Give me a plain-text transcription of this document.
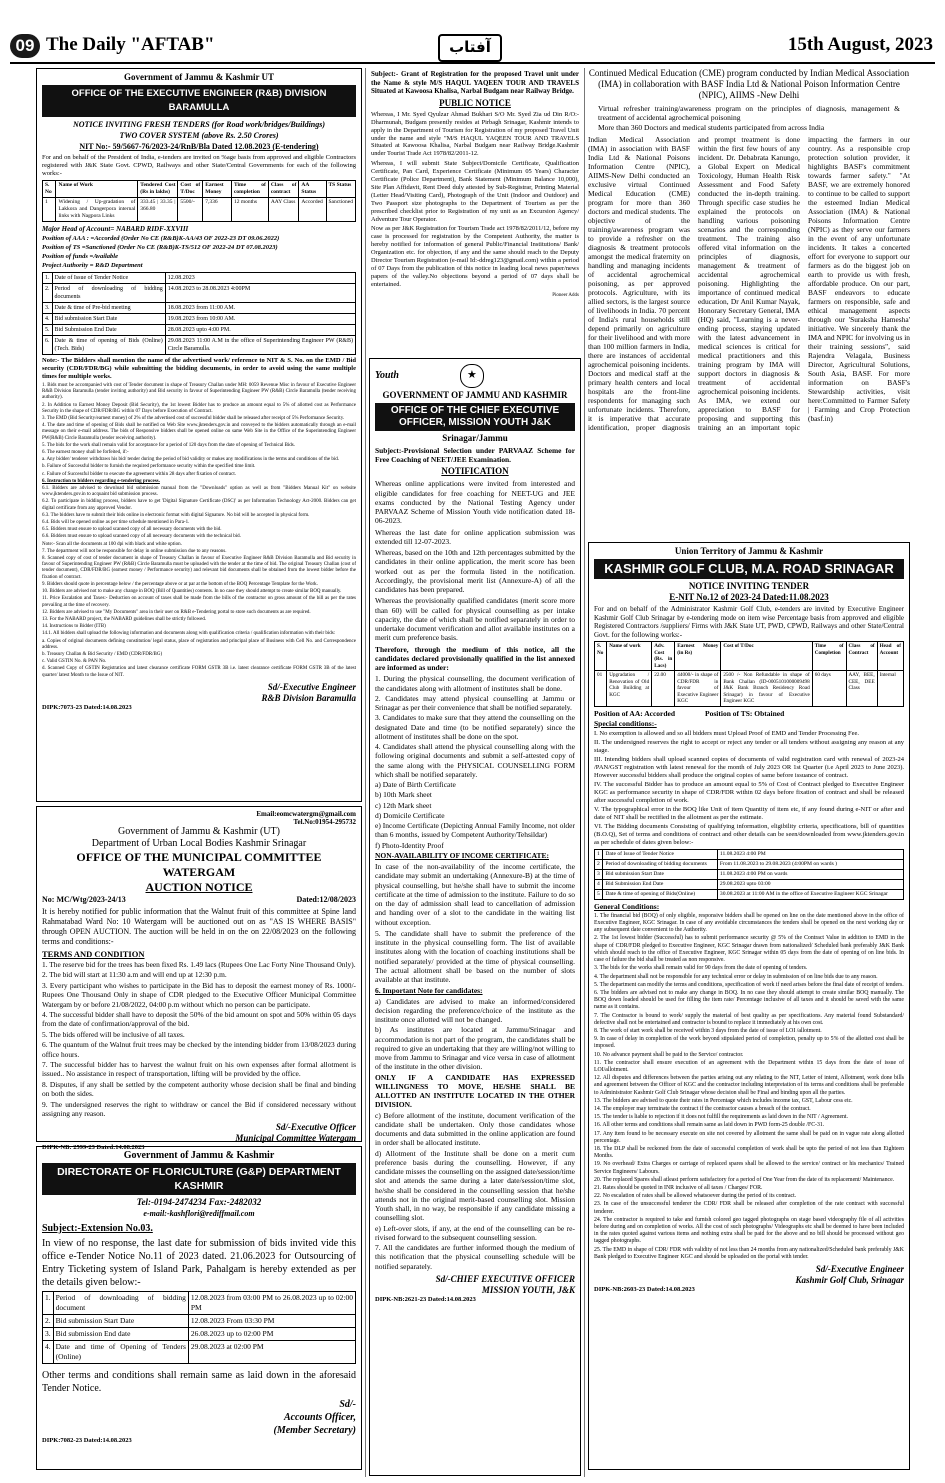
09 The Daily "AFTAB"	آفتاب	15th August, 2023
Government of Jammu & Kashmir UT
OFFICE OF THE EXECUTIVE ENGINEER (R&B) DIVISION BARAMULLA
NOTICE INVITING FRESH TENDERS (for Road work/bridges/Buildings)
TWO COVER SYSTEM (above Rs. 2.50 Crores)
NIT No:- 59/5667-76/2023-24/RnB/Bla Dated 12.08.2023 (E-tendering)

For and on behalf of the President of India, e-tenders are invited on %age basis from approved and eligible Contractors registered with J&K State Govt. CPWD, Railways and other State/Central Governments for each of the following works:-

S. No	Name of Work	Tendered Cost (Rs in lakhs)	Cost of T/Doc	Earnest Money	Time of completion	Class of contract	AA Status	TS Status
1	Widening / Up-gradation of Lakkora and Dangerpora internal links with Nagpora Links	333.45 | 33.35 | 366.80	5500/-	7,336	12 months	AAY Class	Accorded	Sanctioned
Major Head of Account= NABARD RIDF-XXVIII
Position of AAA : =Accorded (Order No CE (R&B)K-AA/43 OF 2022-23 DT 09.06.2022)
Position of TS =Sanctioned (Order No CE (R&B)K-TS/512 OF 2022-24 DT 07.08.2023)
Position of funds =Available
Project Authority = R&D Department
1.	Date of Issue of Tender Notice	12.08.2023
2.	Period of downloading of bidding documents	14.08.2023 to 28.08.2023 4:00PM
3.	Date & time of Pre-bid meeting	18.08.2023 from 11:00 AM.
4.	Bid submission Start Date	19.08.2023 from 10:00 AM.
5.	Bid Submission End Date	28.08.2023 upto 4:00 PM.
6.	Date & time of opening of Bids (Online) (Tech. Bids)	29.08.2023 11:00 A.M in the office of Superintending Engineer PW (R&B) Circle Baramulla.

Note:- The Bidders shall mention the name of the advertised work/ reference to NIT & S. No. on the EMD / Bid security (CDR/FDR/BG) while submitting the bidding documents, in order to avoid using the same multiple times for multiple works.

1. Bids must be accompanied with cost of Tender document in shape of Treasury Challan under MH: 0059 Revenue Misc in favour of Executive Engineer R&B Division Baramulla (tender inviting authority) and Bid security in favour of Superintending Engineer PW (R&B) Circle Baramulla (tender receiving authority).
2. In Addition to Earnest Money Deposit (Bid Security), the 1st lowest Bidder has to produce an amount equal to 5% of allotted cost as Performance Security in the shape of CDR/FDR/BG within 07 Days before Execution of Contract.
3. The EMD (Bid Security/earnest money) of 2% of the advertised cost of successful bidder shall be released after receipt of 5% Performance Security.
4. The date and time of opening of Bids shall be notified on Web Site www.jktenders.gov.in and conveyed to the bidders automatically through an e-mail message on their e-mail address. The bids of Responsive bidders shall be opened online on same Web Site in the Office of the Superintending Engineer PW(R&B) Circle Baramulla (tender receiving authority).
5. The bids for the work shall remain valid for acceptance for a period of 120 days from the date of opening of Technical Bids.
6. The earnest money shall be forfeited, if:-
a. Any bidder/ tenderer withdraws his bid/ tender during the period of bid validity or makes any modifications in the terms and conditions of the bid.
b. Failure of Successful bidder to furnish the required performance security within the specified time limit.
c. Failure of Successful bidder to execute the agreement within 28 days after fixation of contract.
6. Instruction to bidders regarding e-tendering process.
6.1. Bidders are advised to download bid submission manual from the "Downloads" option as well as from "Bidders Manual Kit" on website www.jktenders.gov.in to acquaint bid submission process.
6.2. To participate in bidding process, bidders have to get 'Digital Signature Certificate (DSC)' as per Information Technology Act-2000. Bidders can get digital certificate from any approved Vendor.
6.3. The bidders have to submit their bids online in electronic format with digital Signature. No bid will be accepted in physical form.
6.4. Bids will be opened online as per time schedule mentioned in Para-1.
6.5. Bidders must ensure to upload scanned copy of all necessary documents with the bid.
6.6. Bidders must ensure to upload scanned copy of all necessary documents with the technical bid.
Note:- Scan all the documents at 100 dpi with black and white option.
7. The department will not be responsible for delay in online submission due to any reasons.
8. Scanned copy of cost of tender document in shape of Treasury Challan in favour of Executive Engineer R&B Division Baramulla and Bid security in favour of Superintending Engineer PW (R&B) Circle Baramulla must be uploaded with the tender at the time of bid. The original Treasury Challan (cost of tender document), CDR/FDR/BG (earnest money / Performance security) and relevant bid documents shall be obtained from the lowest bidder before the fixation of contract.
9. Bidders should quote in percentage below / the percentage above or at par at the bottom of the BOQ Percentage Template for the Work.
10. Bidders are advised not to make any change in BOQ (Bill of Quantities) contents. In no case they should attempt to create similar BOQ manually.
11. Price Escalation and Taxes:- Deduction on account of taxes shall be made from the bills of the contractor on gross amount of the bill as per the rates prevailing at the time of recovery.
12. Bidders are advised to use "My Documents" area in their user on R&B e-Tendering portal to store such documents as are required.
13. For the NABARD project, the NABARD guidelines shall be strictly followed.
14. Instructions to Bidder (ITB)
14.1. All bidders shall upload the following information and documents along with qualification criteria / qualification information with their bids:
a. Copies of original documents defining constitution/ legal status, place of registration and principal place of Business with Cell No. and Correspondence address.
b. Treasury Challan & Bid Security / EMD (CDR/FDR/BG)
c. Valid GSTIN No. & PAN No.
d. Scanned Copy of GSTIN Registration and latest clearance certificate FORM GSTR 3B i.e. latest clearance certificate FORM GSTR 3B of the latest quarter/ latest Month to the Issue of NIT.
Sd/-Executive Engineer
R&B Division Baramulla
DIPK:7073-23 Dated:14.08.2023
Email:eomcwatergm@gmail.com
Tel.No:01954-295732
Government of Jammu & Kashmir (UT)
Department of Urban Local Bodies Kashmir Srinagar
OFFICE OF THE MUNICIPAL COMMITTEE WATERGAM
AUCTION NOTICE
No: MC/Wtg/2023-24/13	Dated:12/08/2023

It is hereby notified for public information that the Walnut fruit of this committee at Spine land Rahmatabad Ward No: 10 Watergam will be auctioned out on as "AS IS WHERE BASIS" through OPEN AUCTION. The auction will be held in on the on 22/08/2023 on the following terms and conditions:-

TERMS AND CONDITION
1. The reserve bid for the trees has been fixed Rs. 1.49 lacs (Rupees One Lac Forty Nine Thousand Only).
2. The bid will start at 11:30 a.m and will end up at 12:30 p.m.
3. Every participant who wishes to participate in the Bid has to deposit the earnest money of Rs. 1000/- Rupees One Thousand Only in shape of CDR pledged to the Executive Officer Municipal Committee Watergam by or before 21/08/2022, 04:00 p.m without which no person can be participate.
4. The successful bidder shall have to deposit the 50% of the bid amount on spot and 50% within 05 days from the date of confirmation/approval of the bid.
5. The bids offered will be inclusive of all taxes.
6. The quantum of the Walnut fruit trees may be checked by the intending bidder from 13/08/2023 during office hours.
7. The successful bidder has to harvest the walnut fruit on his own expenses after formal allotment is issued.. No assistance in respect of transportation, lifting will be provided by the office.
8. Disputes, if any shall be settled by the competent authority whose decision shall be final and binding on both the sides.
9. The undersigned reserves the right to withdraw or cancel the Bid if considered necessary without assigning any reason.
Sd/-Executive Officer
Municipal Committee Watergam
DIPK-NB: 2599-23 Dated:14.08.2023
Government of Jammu & Kashmir
DIRECTORATE OF FLORICULTURE (G&P) DEPARTMENT KASHMIR
Tel:-0194-2474234 Fax:-2482032
e-mail:-kashflori@rediffmail.com
Subject:-Extension No.03.

In view of no response, the last date for submission of bids invited vide this office e-Tender Notice No.11 of 2023 dated. 21.06.2023 for Outsourcing of Entry Ticketing system of Island Park, Pahalgam is hereby extended as per the details given below:-

1.	Period of downloading of bidding document	12.08.2023 from 03:00 PM to 26.08.2023 up to 02:00 PM
2.	Bid submission Start Date	12.08.2023 From 03:30 PM
3.	Bid submission End date	26.08.2023 up to 02:00 PM
4.	Date and time of Opening of Tenders (Online)	29.08.2023 at 02:00 PM

Other terms and conditions shall remain same as laid down in the aforesaid Tender Notice.

Sd/-
Accounts Officer,
(Member Secretary)
DIPK:7082-23 Dated:14.08.2023

Subject:- Grant of Registration for the proposed Travel unit under the Name & style M/S HAQUL YAQEEN TOUR AND TRAVELS Situated at Kawoosa Khalisa, Narbal Budgam near Railway Bridge.

PUBLIC NOTICE

Whereas, I Mr. Syed Qyulzar Ahmad Bukhari S/O Mr. Syed Zia ud Din R/O:- Dharmunah, Budgam presently resides at Pirbagh Srinagar, Kashmir intends to apply in the Department of Tourism for Registration of my proposed Travel Unit under the name and style "M/S HAQUL YAQEEN TOUR AND TRAVELS Situated at Kawoosa Khalisa, Narbal Budgam near Railway Bridge.Kashmir under Tourist Trade Act 1978/82/2011-12.

Whereas, I will submit State Subject/Domicile Certificate, Qualification Certificate, Pan Card, Experience Certificate (Minimum 05 Years) Character Certificate (Police Department), Bank Statement (Minimum Balance 10,000), Site Plan Affidavit, Rent Deed duly attested by Sub-Registrar, Printing Material (Letter Head/Visiting Card), Photograph of the Unit (Indoor and Outdoor) and Two Passport size photographs to the Department of Tourism as per the prescribed checklist prior to Registration of my unit as an Excursion Agency/ Adventure Tour Operator.

Now as per J&K Registration for Tourism Trade act 1978/82/2011/12, before my case is processed for registration by the Competent Authority, the matter is hereby notified for information of general Public/Financial Institutions/ Bank/ Organization etc. for objection, if any and the same should reach to the Deputy Director Tourism Registration (e-mail Id:-ddreg123@gmail.com) within a period of 07 Days from the publication of this notice in leading local news paper/news papers of the valley.No objections beyond a period of 07 days shall be entertained.

Pioneer Adds
Youth	★
GOVERNMENT OF JAMMU AND KASHMIR
OFFICE OF THE CHIEF EXECUTIVE OFFICER, MISSION YOUTH J&K
Srinagar/Jammu

Subject:-Provisional Selection under PARVAAZ Scheme for Free Coaching of NEET/JEE Examination.

NOTIFICATION

Whereas online applications were invited from interested and eligible candidates for free coaching for NEET-UG and JEE exams conducted by the National Testing Agency under PARVAAZ Scheme of Mission Youth vide notification dated 18-06-2023.

Whereas the last date for online application submission was extended till 12-07-2023.

Whereas, based on the 10th and 12th percentages submitted by the candidates in their online application, the merit score has been worked out as per the formula listed in the notification. Accordingly, the provisional merit list (Annexure-A) of all the candidates has been prepared.

Whereas the provisionally qualified candidates (merit score more than 60) will be called for physical counselling as per intake capacity, the date of which shall be notified separately in order to undertake document verification and allot available institutes on a merit cum preference basis.

Therefore, through the medium of this notice, all the candidates declared provisionally qualified in the list annexed are informed as under:

1. During the physical counselling, the document verification of the candidates along with allotment of institutes shall be done.
2. Candidates may attend physical counselling at Jammu or Srinagar as per their convenience that shall be notified separately.
3. Candidates to make sure that they attend the counselling on the designated Date and time (to be notified separately) since the allotment of institutes shall be done on the spot.
4. Candidates shall attend the physical counselling along with the following original documents and submit a self-attested copy of the same along with the PHYSICAL COUNSELLING FORM which shall be notified separately.
a) Date of Birth Certificate
b) 10th Mark sheet
c) 12th Mark sheet
d) Domicile Certificate
e) Income Certificate (Depicting Annual Family Income, not older than 6 months, issued by Competent Authority/Tehsildar)
f) Photo-Identity Proof
NON-AVAILABILITY OF INCOME CERTIFICATE:

In case of the non-availability of the income certificate, the candidate may submit an undertaking (Annexure-B) at the time of physical counselling, but he/she shall have to submit the income certificate at the time of admission to the institute. Failure to do so on the day of admission shall lead to cancellation of admission and handing over of a slot to the candidate in the waiting list without exception.

5. The candidate shall have to submit the preference of the institute in the physical counselling form. The list of available institutes along with the location of coaching institutions shall be notified separately/ provided at the time of physical counselling. The actual allotment shall be based on the number of slots available at that institute.

6. Important Note for candidates:
a) Candidates are advised to make an informed/considered decision regarding the preference/choice of the institute as the institute once allotted will not be changed.
b) As institutes are located at Jammu/Srinagar and accommodation is not part of the program, the candidates shall be required to give an undertaking that they are willing/not willing to move from Jammu to Srinagar and vice versa in case of allotment of the institute in the other division.
ONLY IF A CANDIDATE HAS EXPRESSED WILLINGNESS TO MOVE, HE/SHE SHALL BE ALLOTTED AN INSTITUTE LOCATED IN THE OTHER DIVISION.
c) Before allotment of the institute, document verification of the candidate shall be undertaken. Only those candidates whose documents and data submitted in the online application are found in order shall be allocated institute.
d) Allotment of the Institute shall be done on a merit cum preference basis during the counselling. However, if any candidate misses the counselling on the assigned date/session/time slot and attends the same during a later date/session/time slot, he/she shall be considered in the counselling session that he/she attends not in the original merit-based counselling slot. Mission Youth shall, in no way, be responsible if any candidate missing a counselling slot.
e) Left-over slots, if any, at the end of the counselling can be re-rivised forward to the subsequent counselling session.
7. All the candidates are further informed though the medium of this notification that the physical counselling schedule will be notified separately.
Sd/-CHIEF EXECUTIVE OFFICER
MISSION YOUTH, J&K
DIPK-NB:2621-23 Dated:14.08.2023
Continued Medical Education (CME) program conducted by Indian Medical Association (IMA) in collaboration with BASF India Ltd & National Poison Information Centre (NPIC), AIIMS -New Delhi
Virtual refresher training/awareness program on the principles of diagnosis, management & treatment of accidental agrochemical poisoning
More than 360 Doctors and medical students participated from across India
Indian Medical Association (IMA) in association with BASF India Ltd & National Poisons Information Centre (NPIC), AIIMS-New Delhi conducted an exclusive virtual Continued Medical Education (CME) program for more than 360 doctors and medical students. The objective of the training/awareness program was to provide a refresher on the diagnosis & treatment protocols amongst the medical fraternity on handling and managing incidents of accidental agrochemical poisoning, as per approved protocols. Agriculture, with its allied sectors, is the largest source of livelihoods in India. 70 percent of India's rural households still depend primarily on agriculture for their livelihood and with more than 100 million farmers in India, there are instances of accidental agrochemical poisoning incidents. Doctors and medical staff at the primary health centers and local hospitals are the front-line respondents for managing such unfortunate incidents. Therefore, it is imperative that accurate identification, proper diagnosis and prompt treatment is done within the first few hours of any incident. Dr. Debabrata Kanungo, a Global Expert on Medical Toxicology, Human Health Risk Assessment and Food Safety conducted the in-depth training. Through specific case studies he explained the protocols on handling various poisoning scenarios and the corresponding treatment. The training also offered vital information on the principles of diagnosis, management & treatment of accidental agrochemical poisoning. Highlighting the importance of continued medical education, Dr Anil Kumar Nayak, Honorary Secretary General, IMA (HQ) said, "Learning is a never-ending process, staying updated with the latest advancement in medical sciences is critical for medical practitioners and this training program by IMA will support doctors in diagnosis & treatment of accidental agrochemical poisoning incidents. As IMA, we extend our appreciation to BASF for proposing and supporting this training an an important topic impacting the farmers in our country. As a responsible crop protection solution provider, it highlights BASF's commitment towards farmer safety." "At BASF, we are extremely honored to continue to be called to support the esteemed Indian Medical Association (IMA) & National Poisons Information Centre (NPIC) as they serve our farmers in the event of any unfortunate incidents. It takes a concerted effort for everyone to support our farmers as do the biggest job on earth to provide us with fresh, affordable produce. On our part, BASF endeavors to educate farmers on responsible, safe and ethical management aspects through our 'Suraksha Hamesha' initiative. We sincerely thank the IMA and NPIC for involving us in their training sessions", said Rajendra Velagala, Business Director, Agricultural Solutions, South Asia, BASF. For more information on BASF's Stewardship activities, visit here:Committed to Farmer Safety | Farming and Crop Protection (basf.in)
Union Territory of Jammu & Kashmir
KASHMIR GOLF CLUB, M.A. ROAD SRINAGAR
NOTICE INVITING TENDER
E-NIT No.12 of 2023-24 Dated:11.08.2023

For and on behalf of the Administrator Kashmir Golf Club, e-tenders are invited by Executive Engineer Kashmir Golf Club Srinagar by e-tendering mode on item wise Percentage basis from approved and eligible Registered Contractors /suppliers/ Firms with J&K State UT, PWD, CPWD, Railways and other State/Central Govt. for the following works:-

S. No	Name of work	Adv. Cost (Rs. in Lacs)	Earnest Money (in Rs)	Cost of T/Doc	Time of Completion	Class of Contract	Head of Account
01	Upgradation / Renovation of Old Club Building at KGC	22.00	44000/- in shape of CDR/FDR in favour of Executive Engineer KGC	2500 /- Non Refundable in shape of Bank Challan (ID-0005101000009498 J&K Bank Branch Residency Road Srinagar) in favour of Executive Engineer KGC	60 days	AAY, BEE, CEE, DEE Class	Internal
Position of AA: Accorded	Position of TS: Obtained
Special conditions:-
I. No exemption is allowed and so all bidders must Upload Proof of EMD and Tender Processing Fee.
II. The undersigned reserves the right to accept or reject any tender or all tenders without assigning any reason at any stage.
III. Intending bidders shall upload scanned copies of documents of valid registration card with renewal of 2023-24 /PAN/GST registration with latest renewal for the month of July 2023 OR 1st Quarter (i.e April 2023 to June 2023). However successful bidders shall produce the original copies of same before issuance of contract.
IV. The successful Bidder has to produce an amount equal to 5% of Cost of Contract pledged to Executive Engineer KGC as performance security in shape of CDR/FDR within 02 days before fixation of contract and shall be released after successful completion of work.
V. The typographical error in the BOQ like Unit of item Quantity of item etc, if any found during e-NIT or after and date of NIT shall be rectified in the allotment as per the estimate.
VI. The Bidding documents Consisting of qualifying information, eligibility criteria, specifications, bill of quantities (B.O.Q), Set of terms and conditions of contract and other details can be seen/downloaded from www.jktenders.gov.in as per schedule of dates given below:-
1	Date of Issue of Tender Notice	11.08.2023 4:00 PM
2	Period of downloading of bidding documents	From 11.08.2023 to 29.08.2023 (4:00PM on wards )
3	Bid submission Start Date	11.08.2023 4:00 PM on wards
4	Bid Submission End Date	29.08.2023 upto 03:00
5	Date & time of opening of Bids(Online)	30.08.2023 at 11:00 AM in the office of Executive Engineer KGC Srinagar
General Conditions:
1. The financial bid (BOQ) of only eligible, responsive bidders shall be opened on line on the date mentioned above in the office of Executive Engineer, KGC Srinagar. In case of any avoidable circumstances the tenders shall be opened on the next working day or any subsequent date convenient to the Authority.
2. The 1st lowest bidder (Successful) has to submit performance security @ 5% of the Contract Value in addition to EMD in the shape of CDR/FDR pledged to Executive Engineer, KGC Srinagar drawn from nationalized/ Scheduled bank preferably J&K Bank which should reach to the office of Executive Engineer, KGC Srinagar within 05 days from the date of opening of on line bids. In case of failure the bid shall be treated as non responsive.
3. The bids for the works shall remain valid for 90 days from the date of opening of tenders.
4. The department shall not be responsible for any technical error or delay in submission of on line bids due to any reason.
5. The department can modify the terms and conditions, specification of work if need arises before the final date of receipt of tenders.
6. The bidders are advised not to make any change in BOQ. In no case they should attempt to create similar BOQ manually. The BOQ down loaded should be used for filling the item rate/ Percentage inclusive of all taxes and it should be saved with the same name as it contains.
7. The Contractor is bound to work/ supply the material of best quality as per specifications. Any material found Substandard/ defective shall not be entertained and contractor is bound to replace it immediately at his own cost.
8. The work of start work shall be received within 3 days from the date of issue of LOI /allotment.
9. In case of delay in completion of the work beyond stipulated period of completion, penalty up to 5% of the allotted cost shall be imposed.
10. No advance payment shall be paid to the Service/ contractor.
11. The contractor shall ensure execution of an agreement with the Department within 15 days from the date of issue of LOI/allotment.
12. All disputes and differences between the parties arising out any relating to the NIT, Letter of intent, Allotment, work done bills and agreement between the Officer of KGC and the contractor including interpretation of its terms and conditions shall be preferable to Administrator Kashmir Golf Club Srinagar whose decision shall be Final and binding upon all the parties.
13. The bidders are advised to quote their rates in Percentage which includes income tax, GST, Labour cess etc.
14. The employer may terminate the contract if the contractor causes a breach of the contract.
15. The tender is liable to rejection if it does not fulfill the requirements as laid down in the NIT / Agreement.
16. All other terms and conditions shall remain same as laid down in PWD form-25 double /FC-31.
17. Any item found to be necessary execute on site not covered by allotment the same shall be paid on in vague rate along allotted percentage.
18. The DLP shall be reckoned from the date of successful completion of work shall be upto the period of not less than Eighteen Months.
19. No overhead/ Extra Charges or carriage of replaced spares shall be allowed to the service/ contract or his mechanics/ Trained Service Engineers/ Labours.
20. The replaced Spares shall atleast perform satisfactory for a period of One Year from the date of its replacement/ Maintenance.
21. Rates should be quoted in INR inclusive of all taxes / Charges/ FOR.
22. No escalation of rates shall be allowed whatsoever during the period of its contract.
23. In case of the unsuccessful tenderer the CDR/ FDR shall be released after completion of the rate contract with successful tenderer.
24. The contractor is required to take and furnish colored geo tagged photographs on stage based videography file of all activities before during and on completion of works. All the cost of such photographs/ Videographs etc shall be deemed to have been included in the rates quoted against various items and nothing extra shall be paid for the above and no bill should be processed without geo tagged photographs.
25. The EMD in shape of CDR/ FDR with validity of not less than 24 months from any nationalized/Scheduled bank preferably J&K Bank pledged to Executive Engineer KGC and should be uploaded on the portal with tender.
Sd/-Executive Engineer
Kashmir Golf Club, Srinagar
DIPK-NB:2603-23 Dated:14.08.2023
